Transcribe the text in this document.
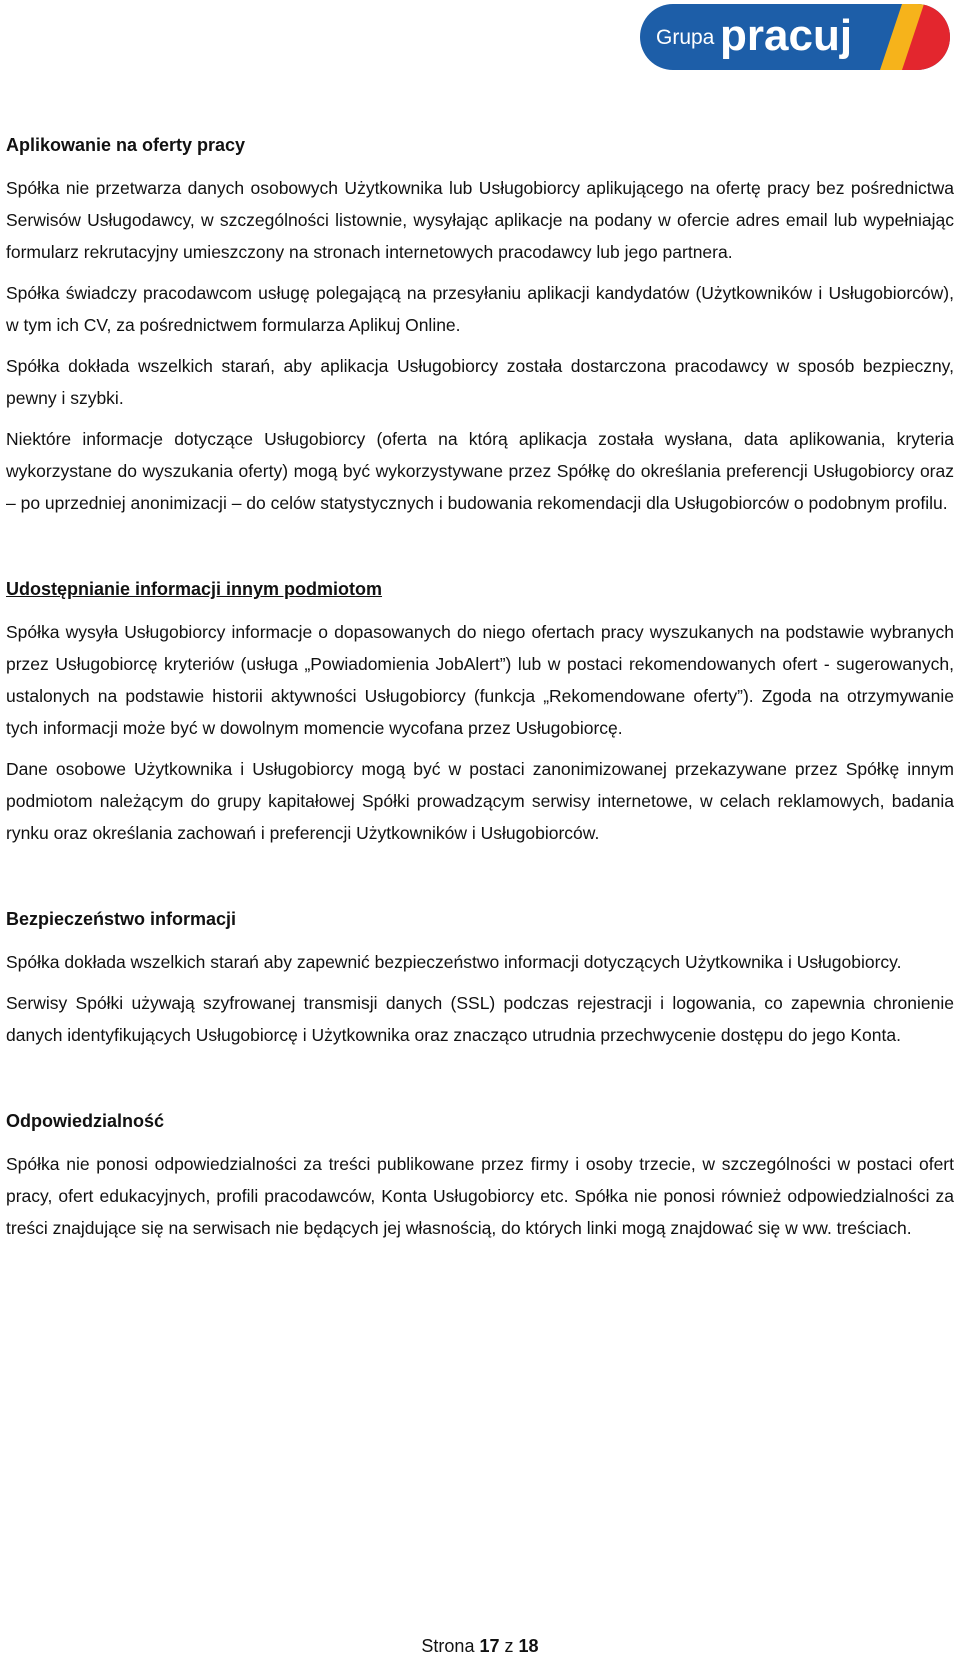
Grupa pracuj
Aplikowanie na oferty pracy

Spółka nie przetwarza danych osobowych Użytkownika lub Usługobiorcy aplikującego na ofertę pracy bez pośrednictwa Serwisów Usługodawcy, w szczególności listownie, wysyłając aplikacje na podany w ofercie adres email lub wypełniając formularz rekrutacyjny umieszczony na stronach internetowych pracodawcy lub jego partnera.

Spółka świadczy pracodawcom usługę polegającą na przesyłaniu aplikacji kandydatów (Użytkowników i Usługobiorców), w tym ich CV, za pośrednictwem formularza Aplikuj Online.

Spółka dokłada wszelkich starań, aby aplikacja Usługobiorcy została dostarczona pracodawcy w sposób bezpieczny, pewny i szybki.

Niektóre informacje dotyczące Usługobiorcy (oferta na którą aplikacja została wysłana, data aplikowania, kryteria wykorzystane do wyszukania oferty) mogą być wykorzystywane przez Spółkę do określania preferencji Usługobiorcy oraz – po uprzedniej anonimizacji – do celów statystycznych i budowania rekomendacji dla Usługobiorców o podobnym profilu.

Udostępnianie informacji innym podmiotom

Spółka wysyła Usługobiorcy informacje o dopasowanych do niego ofertach pracy wyszukanych na podstawie wybranych przez Usługobiorcę kryteriów (usługa „Powiadomienia JobAlert”) lub w postaci rekomendowanych ofert - sugerowanych, ustalonych na podstawie historii aktywności Usługobiorcy (funkcja „Rekomendowane oferty”). Zgoda na otrzymywanie tych informacji może być w dowolnym momencie wycofana przez Usługobiorcę.

Dane osobowe Użytkownika i Usługobiorcy mogą być w postaci zanonimizowanej przekazywane przez Spółkę innym podmiotom należącym do grupy kapitałowej Spółki prowadzącym serwisy internetowe, w celach reklamowych, badania rynku oraz określania zachowań i preferencji Użytkowników i Usługobiorców.

Bezpieczeństwo informacji

Spółka dokłada wszelkich starań aby zapewnić bezpieczeństwo informacji dotyczących Użytkownika i Usługobiorcy.

Serwisy Spółki używają szyfrowanej transmisji danych (SSL) podczas rejestracji i logowania, co zapewnia chronienie danych identyfikujących Usługobiorcę i Użytkownika oraz znacząco utrudnia przechwycenie dostępu do jego Konta.

Odpowiedzialność

Spółka nie ponosi odpowiedzialności za treści publikowane przez firmy i osoby trzecie, w szczególności w postaci ofert pracy, ofert edukacyjnych, profili pracodawców, Konta Usługobiorcy etc. Spółka nie ponosi również odpowiedzialności za treści znajdujące się na serwisach nie będących jej własnością, do których linki mogą znajdować się w ww. treściach.

Strona 17 z 18
